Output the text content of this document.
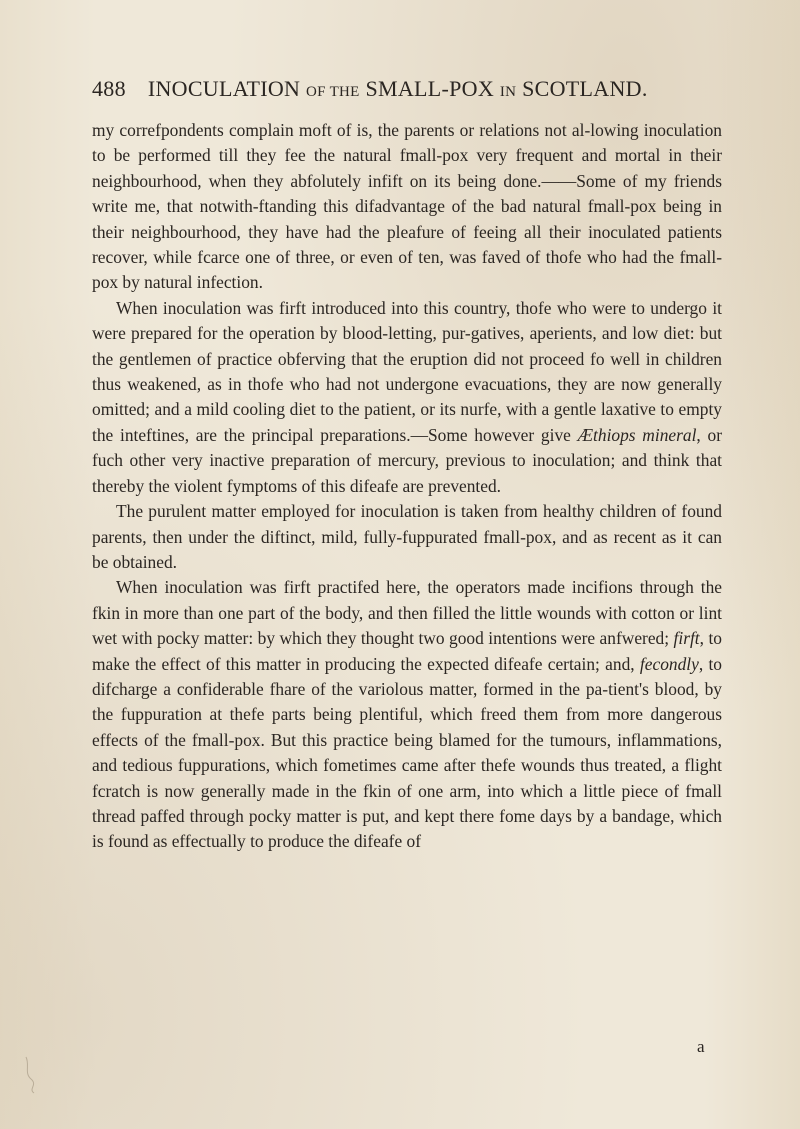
488 INOCULATION OF THE SMALL-POX IN SCOTLAND.

my correfpondents complain moft of is, the parents or relations not al-lowing inoculation to be performed till they fee the natural fmall-pox very frequent and mortal in their neighbourhood, when they abfolutely infift on its being done.——Some of my friends write me, that notwith-ftanding this difadvantage of the bad natural fmall-pox being in their neighbourhood, they have had the pleafure of feeing all their inoculated patients recover, while fcarce one of three, or even of ten, was faved of thofe who had the fmall-pox by natural infection.

When inoculation was firft introduced into this country, thofe who were to undergo it were prepared for the operation by blood-letting, pur-gatives, aperients, and low diet: but the gentlemen of practice obferving that the eruption did not proceed fo well in children thus weakened, as in thofe who had not undergone evacuations, they are now generally omitted; and a mild cooling diet to the patient, or its nurfe, with a gentle laxative to empty the inteftines, are the principal preparations.—Some however give Æthiops mineral, or fuch other very inactive preparation of mercury, previous to inoculation; and think that thereby the violent fymptoms of this difeafe are prevented.

The purulent matter employed for inoculation is taken from healthy children of found parents, then under the diftinct, mild, fully-fuppurated fmall-pox, and as recent as it can be obtained.

When inoculation was firft practifed here, the operators made incifions through the fkin in more than one part of the body, and then filled the little wounds with cotton or lint wet with pocky matter: by which they thought two good intentions were anfwered; firft, to make the effect of this matter in producing the expected difeafe certain; and, fecondly, to difcharge a confiderable fhare of the variolous matter, formed in the pa-tient's blood, by the fuppuration at thefe parts being plentiful, which freed them from more dangerous effects of the fmall-pox. But this practice being blamed for the tumours, inflammations, and tedious fuppurations, which fometimes came after thefe wounds thus treated, a flight fcratch is now generally made in the fkin of one arm, into which a little piece of fmall thread paffed through pocky matter is put, and kept there fome days by a bandage, which is found as effectually to produce the difeafe of

a
